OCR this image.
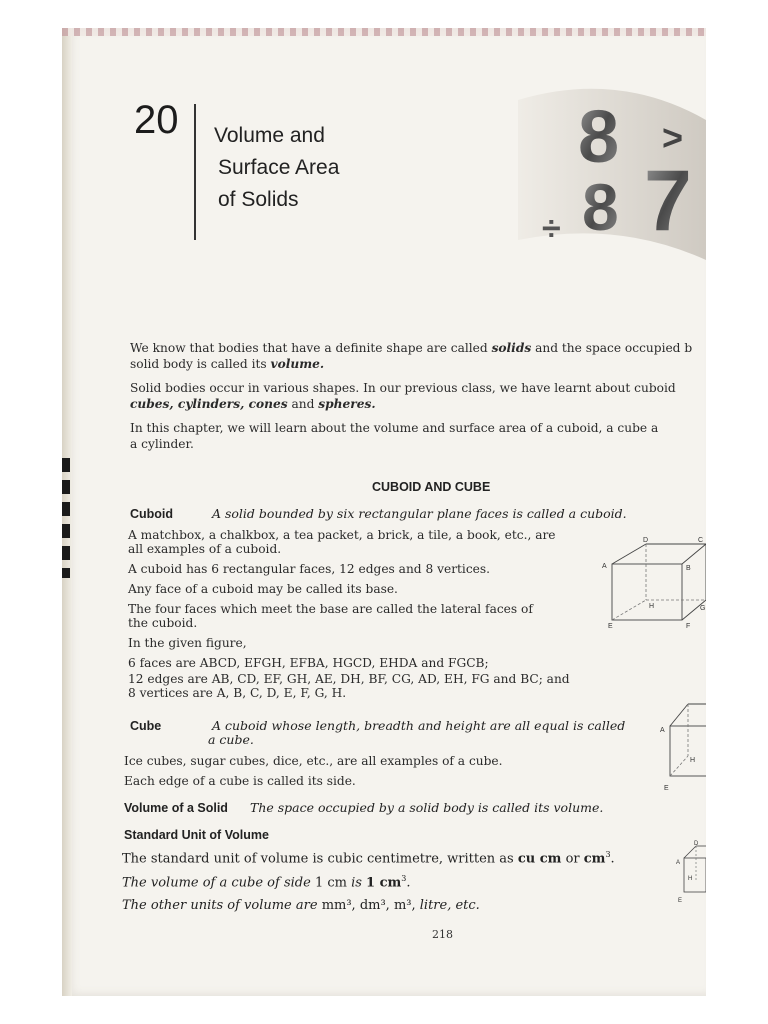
20 Volume and
Surface Area
of Solids
8
8 7
>
÷
We know that bodies that have a definite shape are called solids and the space occupied b
solid body is called its volume.
Solid bodies occur in various shapes. In our previous class, we have learnt about cuboid
cubes, cylinders, cones and spheres.
In this chapter, we will learn about the volume and surface area of a cuboid, a cube a
a cylinder.
CUBOID AND CUBE
Cuboid	A solid bounded by six rectangular plane faces is called a cuboid.
A matchbox, a chalkbox, a tea packet, a brick, a tile, a book, etc., are
all examples of a cuboid.
A cuboid has 6 rectangular faces, 12 edges and 8 vertices.
Any face of a cuboid may be called its base.
The four faces which meet the base are called the lateral faces of
the cuboid.
In the given figure,
6 faces are ABCD, EFGH, EFBA, HGCD, EHDA and FGCB;
12 edges are AB, CD, EF, GH, AE, DH, BF, CG, AD, EH, FG and BC; and
8 vertices are A, B, C, D, E, F, G, H.
A	B
C
D
E	F
G
H
Cube	A cuboid whose length, breadth and height are all equal is called
a cube.
Ice cubes, sugar cubes, dice, etc., are all examples of a cube.
Each edge of a cube is called its side.
A
E
H
Volume of a Solid The space occupied by a solid body is called its volume.
Standard Unit of Volume
The standard unit of volume is cubic centimetre, written as cu cm or $cm^3$.
The volume of a cube of side 1 cm is 1 $cm^3$.
The other units of volume are mm³, dm³, m³, litre, etc.
A
D
E
H
218
